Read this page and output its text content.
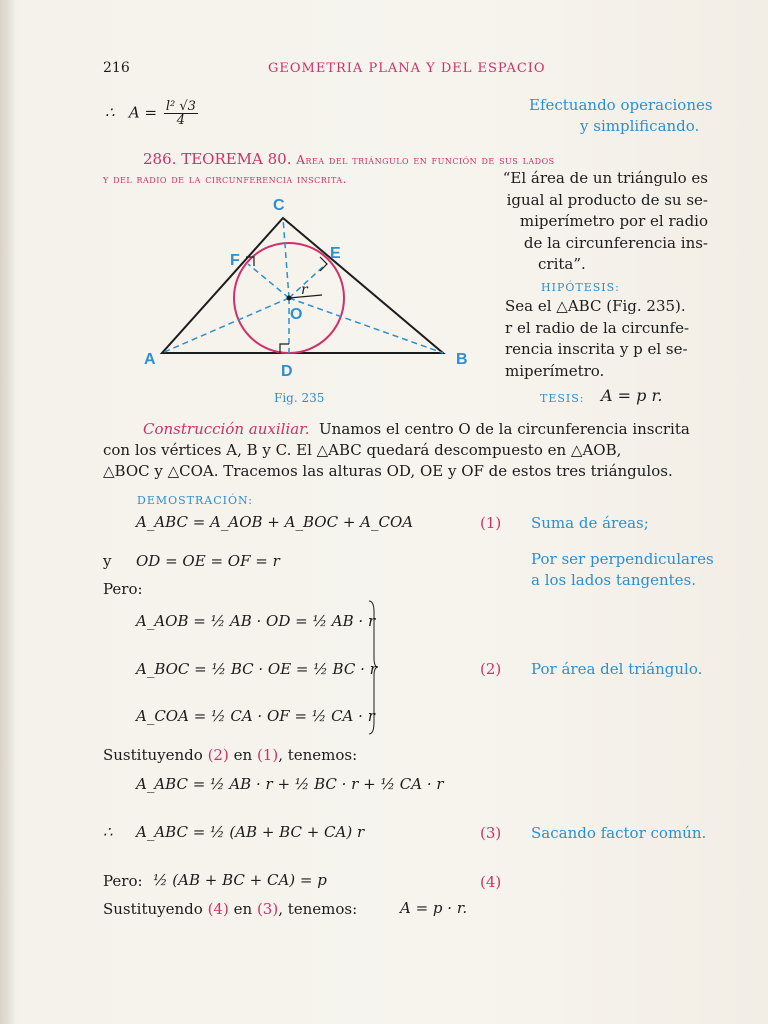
216	GEOMETRIA PLANA Y DEL ESPACIO
∴ $A = \frac{\text{l² √3}}{4}$	Efectuando operaciones
y simplificando.
286. TEOREMA 80. Area del triángulo en función de sus lados
y del radio de la circunferencia inscrita.	“El área de un triángulo es
igual al producto de su se-
miperímetro por el radio
de la circunferencia ins-
crita”.
A	B
C
D
E
F
O
r
Fig. 235
HIPÓTESIS:
Sea el △ABC (Fig. 235).
r el radio de la circunfe-
rencia inscrita y p el se-
miperímetro.
TESIS: A = p r.
Construcción auxiliar. Unamos el centro O de la circunferencia inscrita
con los vértices A, B y C. El △ABC quedará descompuesto en △AOB,
△BOC y △COA. Tracemos las alturas OD, OE y OF de estos tres triángulos.
DEMOSTRACIÓN:
A_ABC = A_AOB + A_BOC + A_COA	(1) Suma de áreas;
y OD = OE = OF = r	Por ser perpendiculares
a los lados tangentes.
Pero:
A_AOB = ½ AB · OD = ½ AB · r
A_BOC = ½ BC · OE = ½ BC · r
A_COA = ½ CA · OF = ½ CA · r
(2) Por área del triángulo.
Sustituyendo (2) en (1), tenemos:
A_ABC = ½ AB · r + ½ BC · r + ½ CA · r
∴ A_ABC = ½ (AB + BC + CA) r	(3) Sacando factor común.
Pero: ½ (AB + BC + CA) = p	(4)
Sustituyendo (4) en (3), tenemos:	A = p · r.
